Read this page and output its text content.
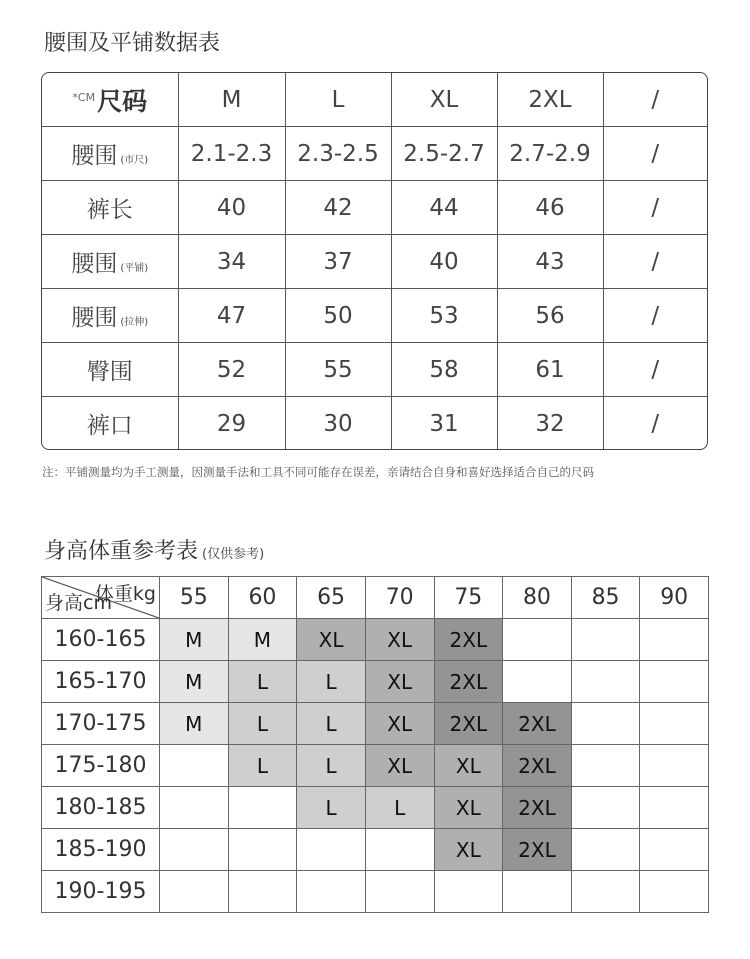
腰围及平铺数据表
$^{*CM}$尺码	M	L	XL	2XL	/
腰围 (市尺)	2.1-2.3	2.3-2.5	2.5-2.7	2.7-2.9	/
裤长	40	42	44	46	/
腰围 (平铺)	34	37	40	43	/
腰围 (拉伸)	47	50	53	56	/
臀围	52	55	58	61	/
裤口	29	30	31	32	/

注：平铺测量均为手工测量，因测量手法和工具不同可能存在误差，亲请结合自身和喜好选择适合自己的尺码

身高体重参考表 (仅供参考)
体重kg
身高cm	55	60	65	70	75	80	85	90
160-165	M	M	XL	XL	2XL			
165-170	M	L	L	XL	2XL			
170-175	M	L	L	XL	2XL	2XL		
175-180		L	L	XL	XL	2XL		
180-185			L	L	XL	2XL		
185-190					XL	2XL		
190-195								
